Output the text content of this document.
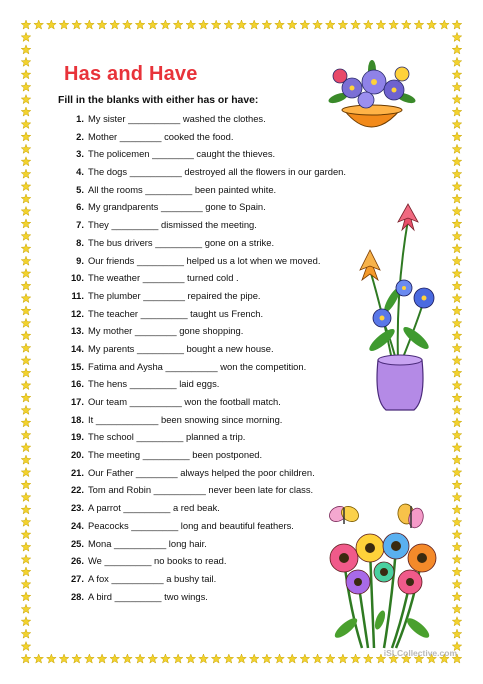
Has and Have
Fill in the blanks with either has or have:
1. My sister __________ washed the clothes.
2. Mother ________ cooked the food.
3. The policemen ________ caught the thieves.
4. The dogs __________ destroyed all the flowers in our garden.
5. All the rooms _________ been painted white.
6. My grandparents ________ gone to Spain.
7. They _________ dismissed the meeting.
8. The bus drivers _________ gone on a strike.
9. Our friends _________ helped us a lot when we moved.
10. The weather ________ turned cold .
11. The plumber ________ repaired the pipe.
12. The teacher _________ taught us French.
13. My mother ________ gone shopping.
14. My parents _________ bought a new house.
15. Fatima and Aysha __________ won the competition.
16. The hens _________ laid eggs.
17. Our team __________ won the football match.
18. It ____________ been snowing since morning.
19. The school _________ planned a trip.
20. The meeting _________ been postponed.
21. Our Father ________ always helped the poor children.
22. Tom and Robin __________ never been late for class.
23. A parrot _________ a red beak.
24. Peacocks _________ long and beautiful feathers.
25. Mona __________ long hair.
26. We _________ no books to read.
27. A fox __________ a bushy tail.
28. A bird _________ two wings.
iSLCollective.com
